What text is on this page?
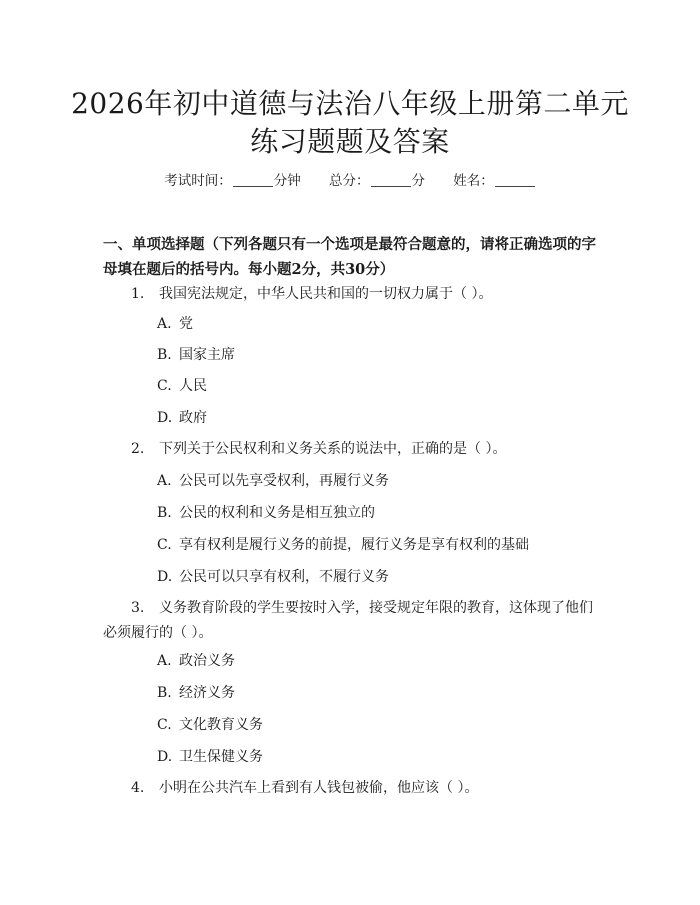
2026年初中道德与法治八年级上册第二单元
练习题题及答案
考试时间：	分钟 总分：	分 姓名：
一、单项选择题（下列各题只有一个选项是最符合题意的，请将正确选项的字母填在题后的括号内。每小题2分，共30分）
1. 我国宪法规定，中华人民共和国的一切权力属于（ ）。
A. 党
B. 国家主席
C. 人民
D. 政府
2. 下列关于公民权利和义务关系的说法中，正确的是（ ）。
A. 公民可以先享受权利，再履行义务
B. 公民的权利和义务是相互独立的
C. 享有权利是履行义务的前提，履行义务是享有权利的基础
D. 公民可以只享有权利，不履行义务
3. 义务教育阶段的学生要按时入学，接受规定年限的教育，这体现了他们必须履行的（ ）。
A. 政治义务
B. 经济义务
C. 文化教育义务
D. 卫生保健义务
4. 小明在公共汽车上看到有人钱包被偷，他应该（ ）。
